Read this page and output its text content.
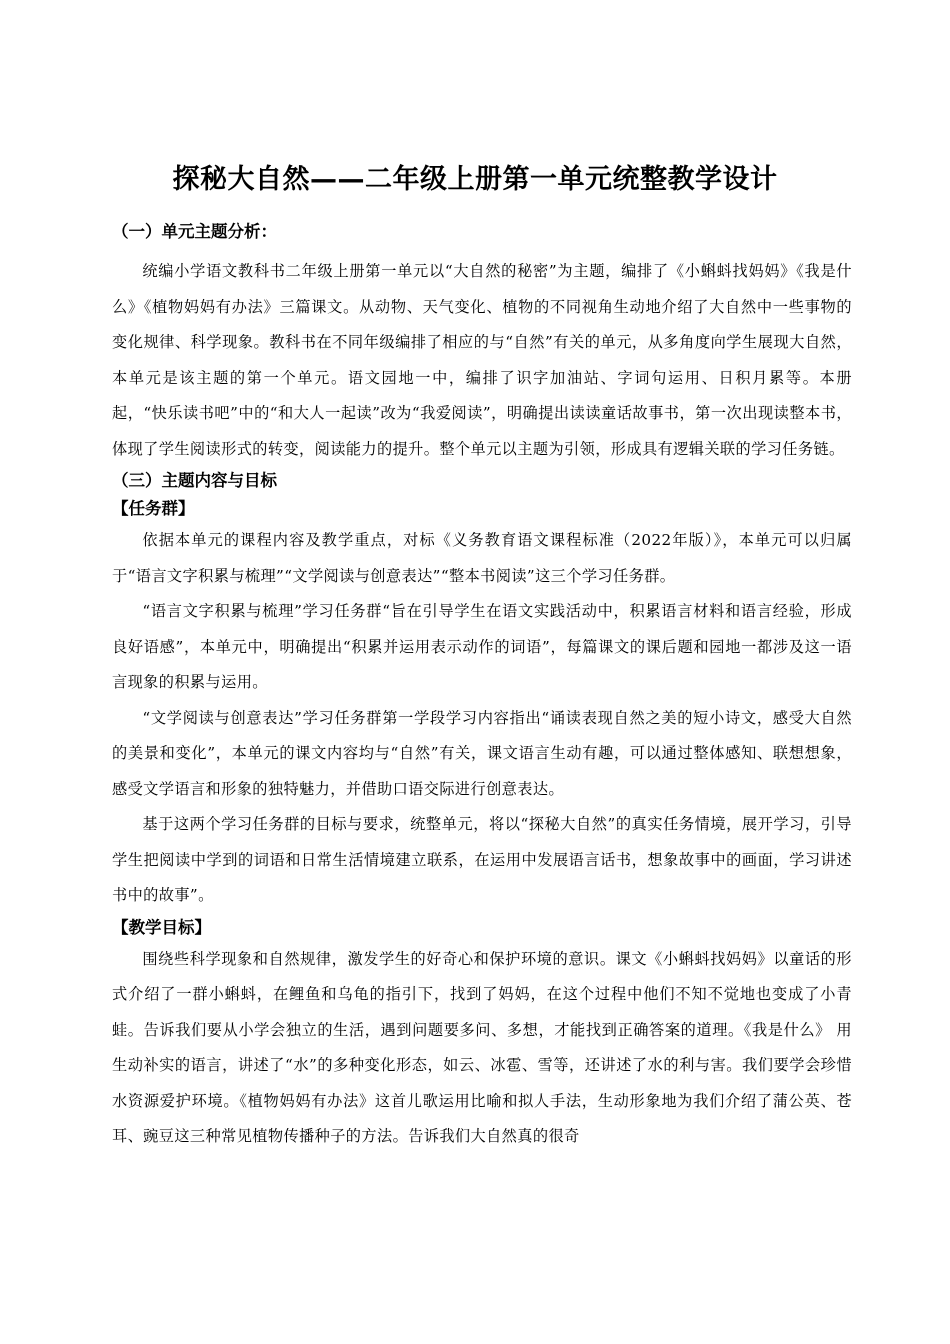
探秘大自然——二年级上册第一单元统整教学设计

（一）单元主题分析：

统编小学语文教科书二年级上册第一单元以“大自然的秘密”为主题，编排了《小蝌蚪找妈妈》《我是什么》《植物妈妈有办法》三篇课文。从动物、天气变化、植物的不同视角生动地介绍了大自然中一些事物的变化规律、科学现象。教科书在不同年级编排了相应的与“自然”有关的单元，从多角度向学生展现大自然，本单元是该主题的第一个单元。语文园地一中，编排了识字加油站、字词句运用、日积月累等。本册起，“快乐读书吧”中的“和大人一起读”改为“我爱阅读”，明确提出读读童话故事书，第一次出现读整本书，体现了学生阅读形式的转变，阅读能力的提升。整个单元以主题为引领，形成具有逻辑关联的学习任务链。

（三）主题内容与目标

【任务群】

依据本单元的课程内容及教学重点，对标《义务教育语文课程标准（2022年版）》，本单元可以归属于“语言文字积累与梳理”“文学阅读与创意表达”“整本书阅读”这三个学习任务群。

“语言文字积累与梳理”学习任务群“旨在引导学生在语文实践活动中，积累语言材料和语言经验，形成良好语感”，本单元中，明确提出“积累并运用表示动作的词语”，每篇课文的课后题和园地一都涉及这一语言现象的积累与运用。

“文学阅读与创意表达”学习任务群第一学段学习内容指出“诵读表现自然之美的短小诗文，感受大自然的美景和变化”，本单元的课文内容均与“自然”有关，课文语言生动有趣，可以通过整体感知、联想想象，感受文学语言和形象的独特魅力，并借助口语交际进行创意表达。

基于这两个学习任务群的目标与要求，统整单元，将以“探秘大自然”的真实任务情境，展开学习，引导学生把阅读中学到的词语和日常生活情境建立联系，在运用中发展语言话书，想象故事中的画面，学习讲述书中的故事”。

【教学目标】

围绕些科学现象和自然规律，激发学生的好奇心和保护环境的意识。课文《小蝌蚪找妈妈》以童话的形式介绍了一群小蝌蚪，在鲤鱼和乌龟的指引下，找到了妈妈，在这个过程中他们不知不觉地也变成了小青蛙。告诉我们要从小学会独立的生活，遇到问题要多问、多想，才能找到正确答案的道理。《我是什么》 用生动补实的语言，讲述了“水”的多种变化形态，如云、冰雹、雪等，还讲述了水的利与害。我们要学会珍惜水资源爱护环境。《植物妈妈有办法》这首儿歌运用比喻和拟人手法，生动形象地为我们介绍了蒲公英、苍耳、豌豆这三种常见植物传播种子的方法。告诉我们大自然真的很奇
